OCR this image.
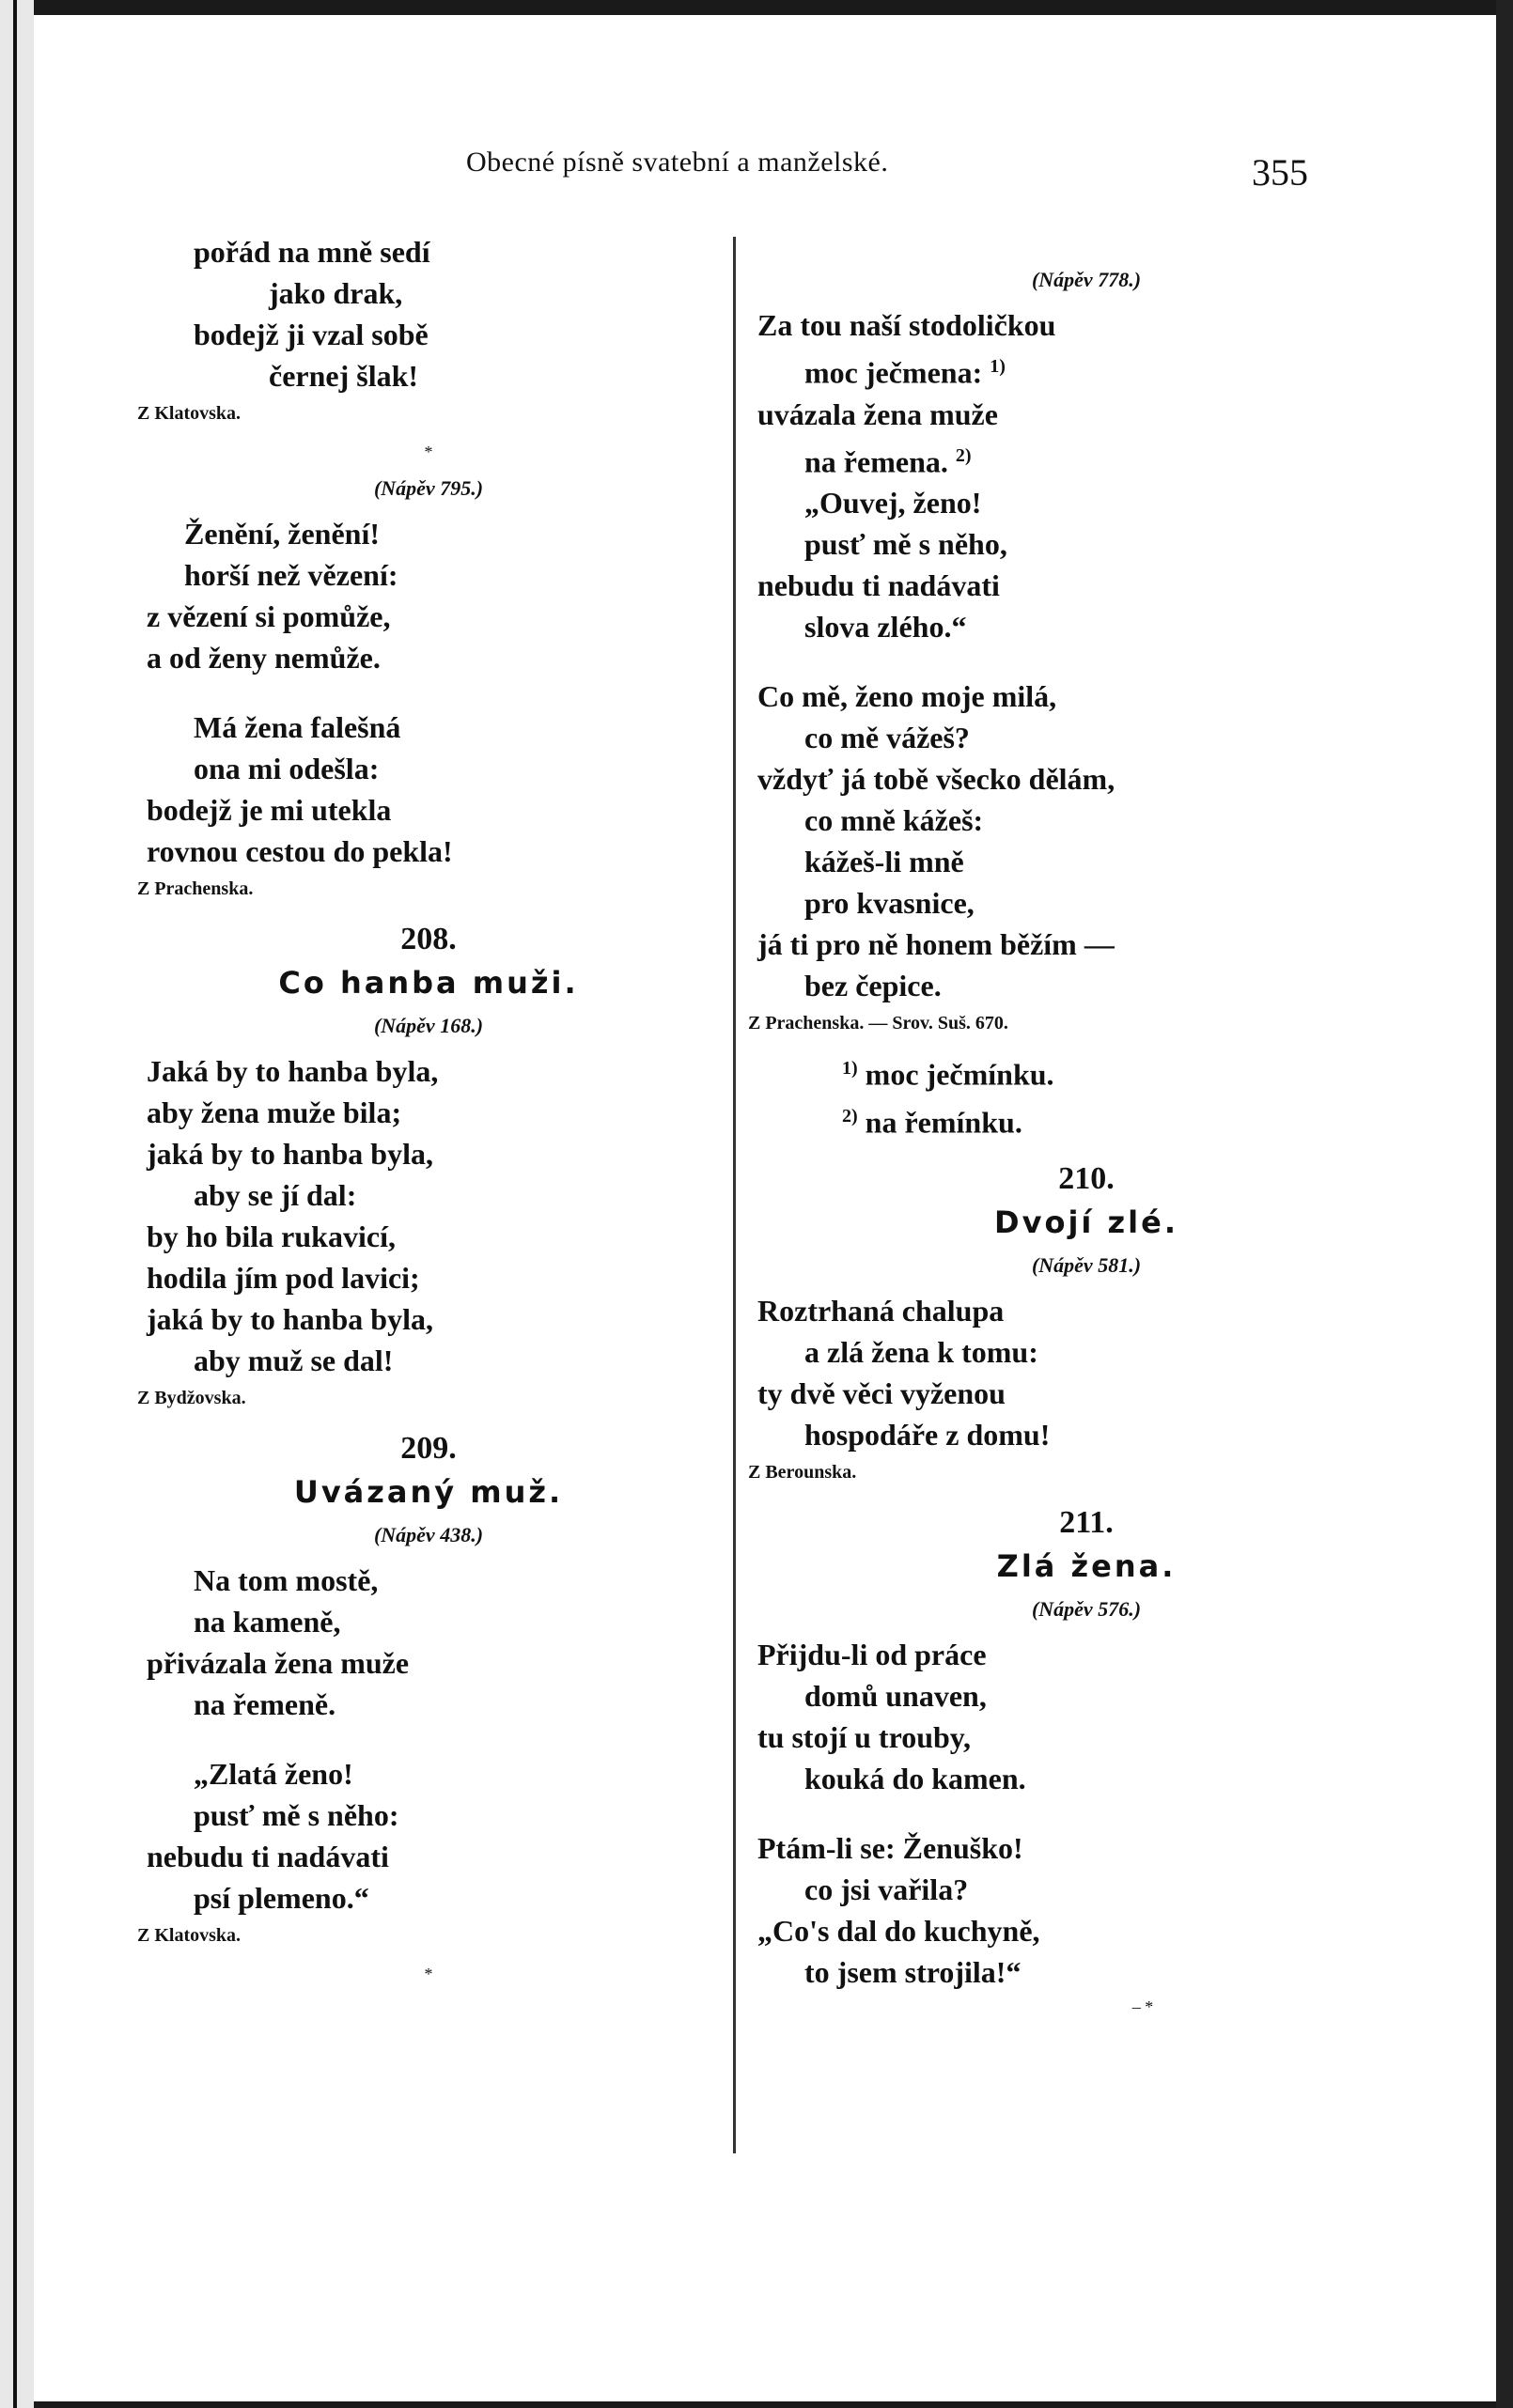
Obecné písně svatební a manželské.	355
pořád na mně sedí
jako drak,
bodejž ji vzal sobě
černej šlak!
Z Klatovska.
*
(Nápěv 795.)
Ženění, ženění!
horší než vězení:
z vězení si pomůže,
a od ženy nemůže.
Má žena falešná
ona mi odešla:
bodejž je mi utekla
rovnou cestou do pekla!
Z Prachenska.
208.
Co hanba muži.
(Nápěv 168.)
Jaká by to hanba byla,
aby žena muže bila;
jaká by to hanba byla,
aby se jí dal:
by ho bila rukavicí,
hodila jím pod lavici;
jaká by to hanba byla,
aby muž se dal!
Z Bydžovska.
209.
Uvázaný muž.
(Nápěv 438.)
Na tom mostě,
na kameně,
přivázala žena muže
na řemeně.
„Zlatá ženo!
pusť mě s něho:
nebudu ti nadávati
psí plemeno.“
Z Klatovska.
*
(Nápěv 778.)
Za tou naší stodoličkou
moc ječmena: $^{1)}$
uvázala žena muže
na řemena. $^{2)}$
„Ouvej, ženo!
pusť mě s něho,
nebudu ti nadávati
slova zlého.“
Co mě, ženo moje milá,
co mě vážeš?
vždyť já tobě všecko dělám,
co mně kážeš:
kážeš-li mně
pro kvasnice,
já ti pro ně honem běžím —
bez čepice.
Z Prachenska. — Srov. Suš. 670.
$^{1)}$ moc ječmínku.
$^{2)}$ na řemínku.
210.
Dvojí zlé.
(Nápěv 581.)
Roztrhaná chalupa
a zlá žena k tomu:
ty dvě věci vyženou
hospodáře z domu!
Z Berounska.
211.
Zlá žena.
(Nápěv 576.)
Přijdu-li od práce
domů unaven,
tu stojí u trouby,
kouká do kamen.
Ptám-li se: Ženuško!
co jsi vařila?
„Co's dal do kuchyně,
to jsem strojila!“
– *
